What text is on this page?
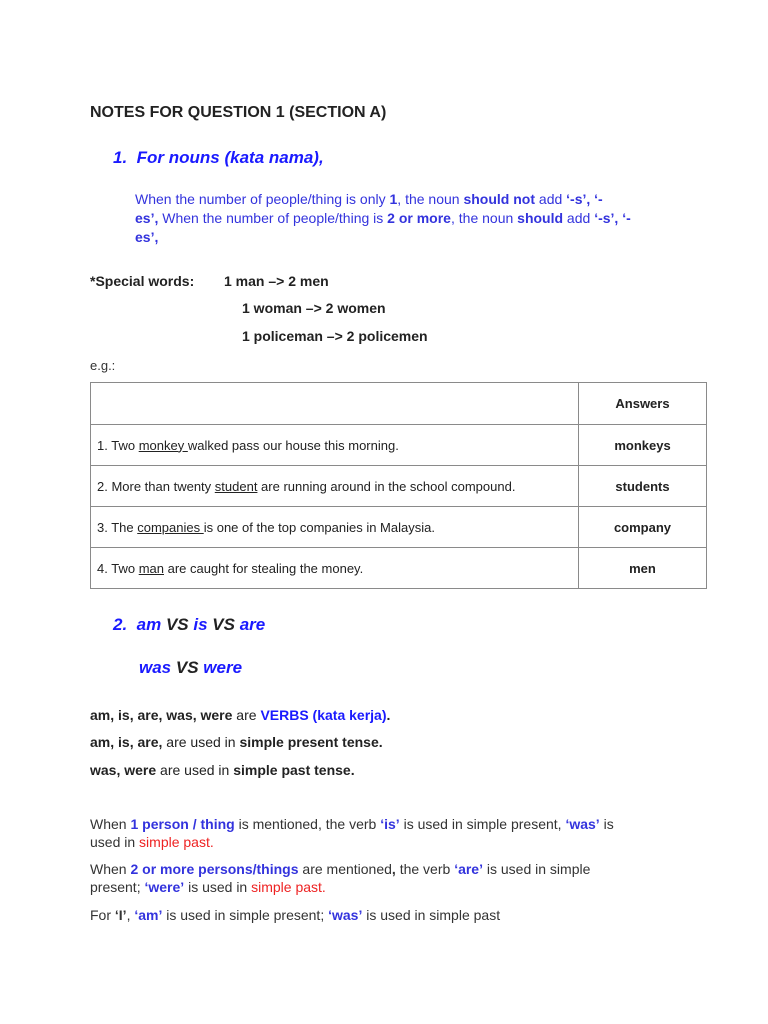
NOTES FOR QUESTION 1 (SECTION A)
1. For nouns (kata nama),
When the number of people/thing is only 1, the noun should not add ‘-s’, ‘-
es’, When the number of people/thing is 2 or more, the noun should add ‘-s’, ‘-
es’,
*Special words: 1 man –> 2 men
1 woman –> 2 women
1 policeman –> 2 policemen
e.g.:
	Answers
1. Two monkey walked pass our house this morning.	monkeys
2. More than twenty student are running around in the school compound.	students
3. The companies is one of the top companies in Malaysia.	company
4. Two man are caught for stealing the money.	men
2. am VS is VS are
was VS were
am, is, are, was, were are VERBS (kata kerja).
am, is, are, are used in simple present tense.
was, were are used in simple past tense.
When 1 person / thing is mentioned, the verb ‘is’ is used in simple present, ‘was’ is
used in simple past.
When 2 or more persons/things are mentioned, the verb ‘are’ is used in simple
present; ‘were’ is used in simple past.
For ‘I’, ‘am’ is used in simple present; ‘was’ is used in simple past
